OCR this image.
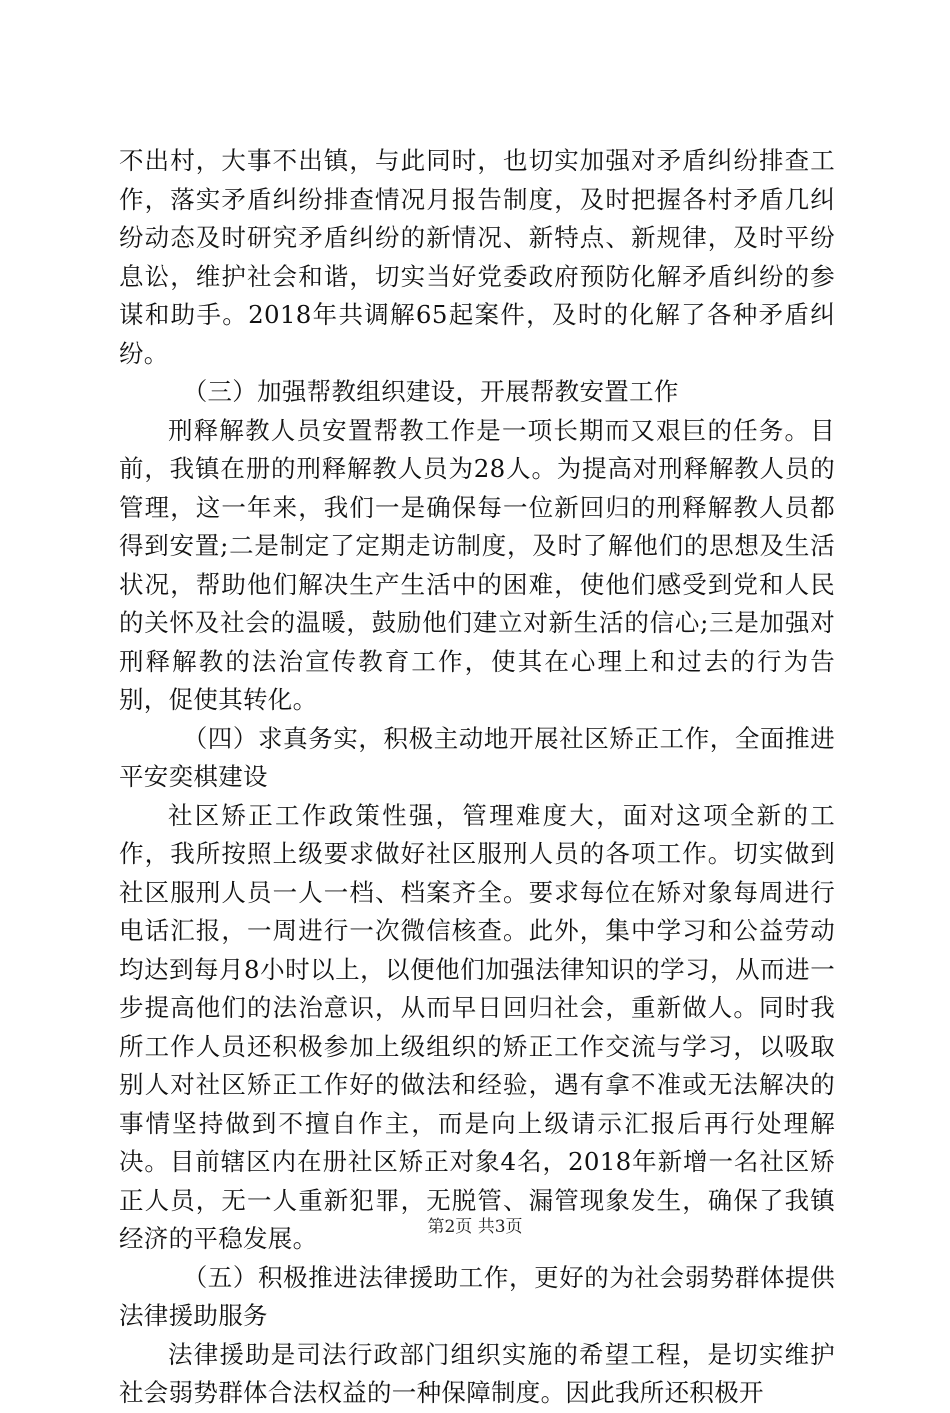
不出村，大事不出镇，与此同时，也切实加强对矛盾纠纷排查工作，落实矛盾纠纷排查情况月报告制度，及时把握各村矛盾几纠纷动态及时研究矛盾纠纷的新情况、新特点、新规律，及时平纷息讼，维护社会和谐，切实当好党委政府预防化解矛盾纠纷的参谋和助手。2018年共调解65起案件，及时的化解了各种矛盾纠纷。

（三）加强帮教组织建设，开展帮教安置工作

刑释解教人员安置帮教工作是一项长期而又艰巨的任务。目前，我镇在册的刑释解教人员为28人。为提高对刑释解教人员的管理，这一年来，我们一是确保每一位新回归的刑释解教人员都得到安置;二是制定了定期走访制度，及时了解他们的思想及生活状况，帮助他们解决生产生活中的困难，使他们感受到党和人民的关怀及社会的温暖，鼓励他们建立对新生活的信心;三是加强对刑释解教的法治宣传教育工作，使其在心理上和过去的行为告别，促使其转化。

（四）求真务实，积极主动地开展社区矫正工作，全面推进平安奕棋建设

社区矫正工作政策性强，管理难度大，面对这项全新的工作，我所按照上级要求做好社区服刑人员的各项工作。切实做到社区服刑人员一人一档、档案齐全。要求每位在矫对象每周进行电话汇报，一周进行一次微信核查。此外，集中学习和公益劳动均达到每月8小时以上，以便他们加强法律知识的学习，从而进一步提高他们的法治意识，从而早日回归社会，重新做人。同时我所工作人员还积极参加上级组织的矫正工作交流与学习，以吸取别人对社区矫正工作好的做法和经验，遇有拿不准或无法解决的事情坚持做到不擅自作主，而是向上级请示汇报后再行处理解决。目前辖区内在册社区矫正对象4名，2018年新增一名社区矫正人员，无一人重新犯罪，无脱管、漏管现象发生，确保了我镇经济的平稳发展。

（五）积极推进法律援助工作，更好的为社会弱势群体提供法律援助服务

法律援助是司法行政部门组织实施的希望工程，是切实维护社会弱势群体合法权益的一种保障制度。因此我所还积极开

第2页 共3页
